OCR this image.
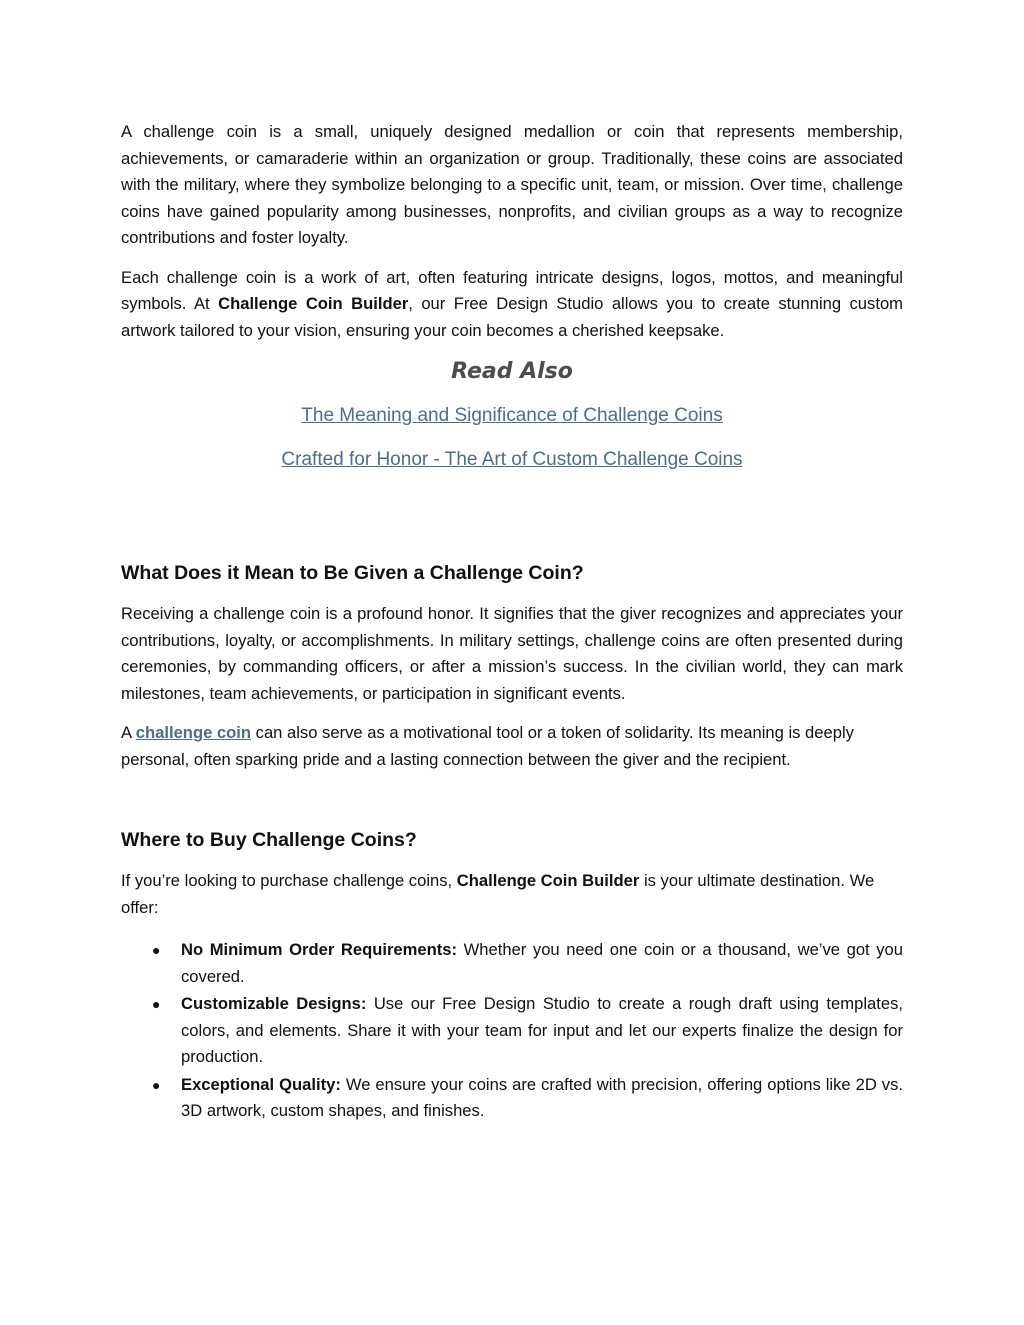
A challenge coin is a small, uniquely designed medallion or coin that represents membership, achievements, or camaraderie within an organization or group. Traditionally, these coins are associated with the military, where they symbolize belonging to a specific unit, team, or mission. Over time, challenge coins have gained popularity among businesses, nonprofits, and civilian groups as a way to recognize contributions and foster loyalty.

Each challenge coin is a work of art, often featuring intricate designs, logos, mottos, and meaningful symbols. At Challenge Coin Builder, our Free Design Studio allows you to create stunning custom artwork tailored to your vision, ensuring your coin becomes a cherished keepsake.

Read Also
The Meaning and Significance of Challenge Coins
Crafted for Honor - The Art of Custom Challenge Coins
What Does it Mean to Be Given a Challenge Coin?

Receiving a challenge coin is a profound honor. It signifies that the giver recognizes and appreciates your contributions, loyalty, or accomplishments. In military settings, challenge coins are often presented during ceremonies, by commanding officers, or after a mission’s success. In the civilian world, they can mark milestones, team achievements, or participation in significant events.

A challenge coin can also serve as a motivational tool or a token of solidarity. Its meaning is deeply personal, often sparking pride and a lasting connection between the giver and the recipient.

Where to Buy Challenge Coins?

If you’re looking to purchase challenge coins, Challenge Coin Builder is your ultimate destination. We offer:

● No Minimum Order Requirements: Whether you need one coin or a thousand, we’ve got you covered.
● Customizable Designs: Use our Free Design Studio to create a rough draft using templates, colors, and elements. Share it with your team for input and let our experts finalize the design for production.
● Exceptional Quality: We ensure your coins are crafted with precision, offering options like 2D vs. 3D artwork, custom shapes, and finishes.
